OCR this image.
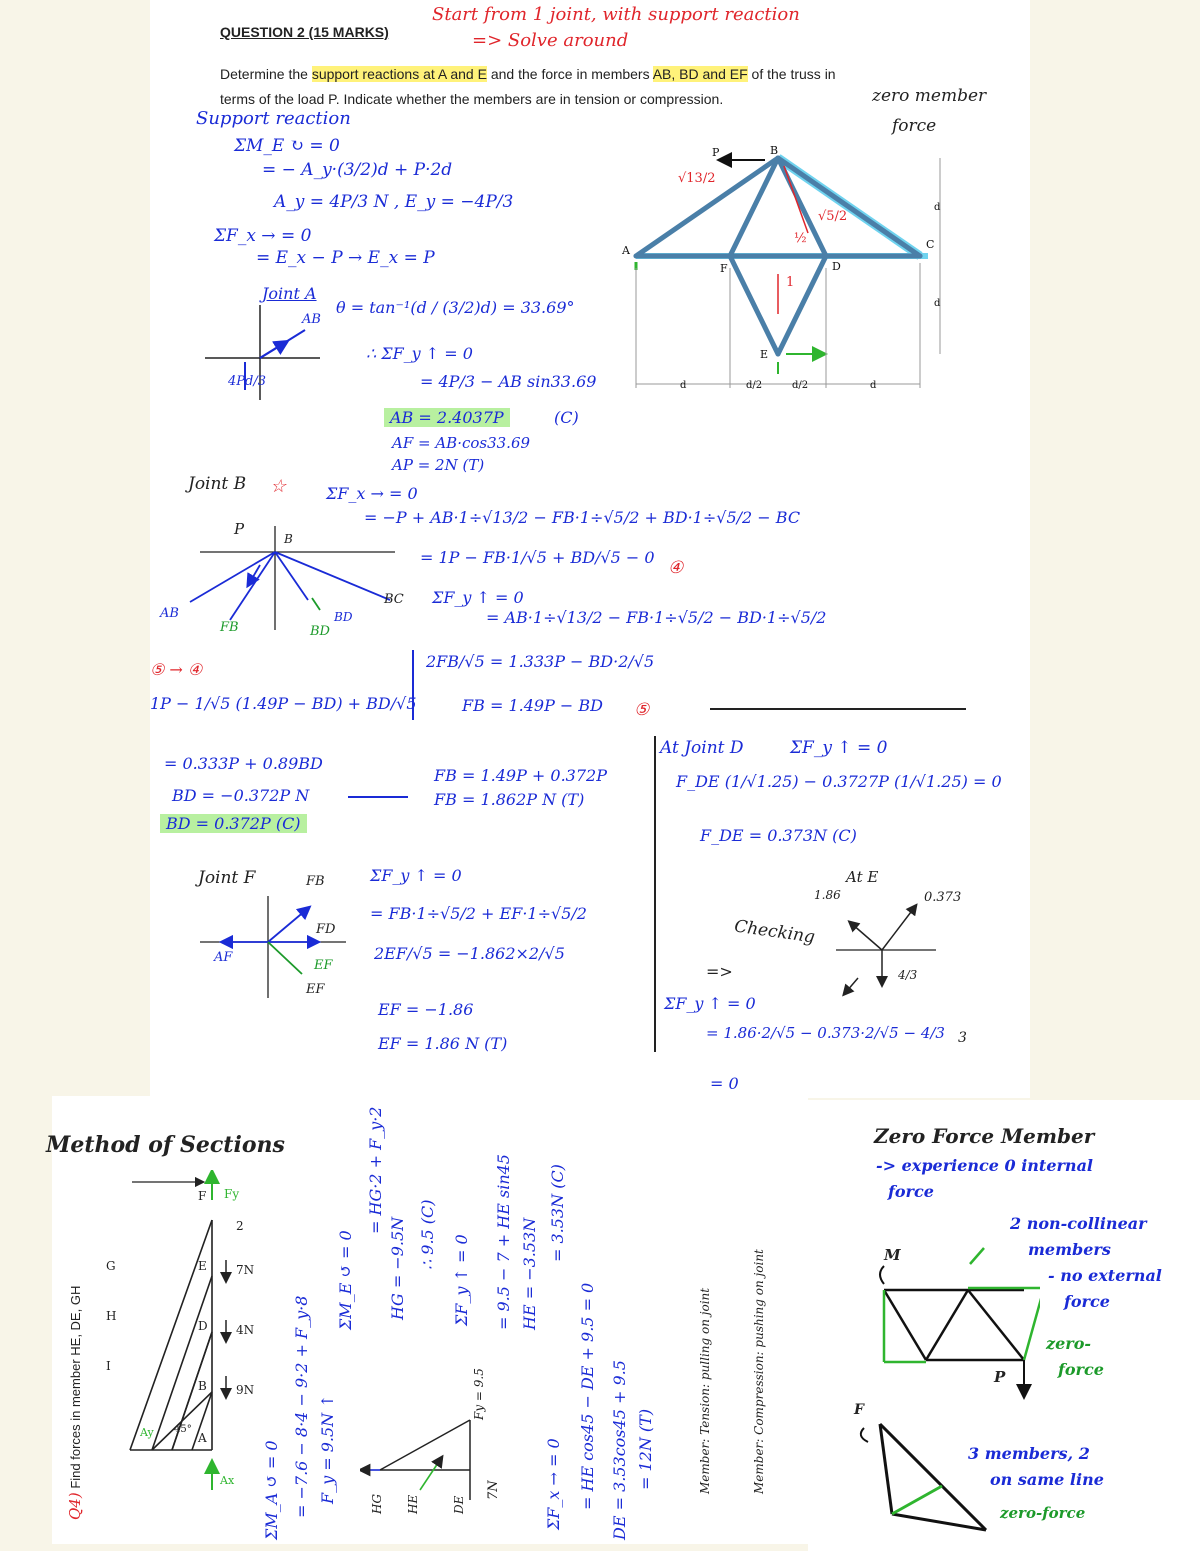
QUESTION 2 (15 MARKS)
Start from 1 joint, with support reaction
=> Solve around
Determine the support reactions at A and E and the force in members AB, BD and EF of the truss in
terms of the load P. Indicate whether the members are in tension or compression.	zero member
force
Support reaction
ΣM_E ↻ = 0
= − A_y·(3/2)d + P·2d
A_y = 4P/3 N , E_y = −4P/3
ΣF_x → = 0
= E_x − P → E_x = P
Joint A
AB
4Pd/3
θ = tan⁻¹(d / (3/2)d) = 33.69°
∴ ΣF_y ↑ = 0
= 4P/3 − AB sin33.69
AB = 2.4037P	(C)
AF = AB·cos33.69
AP = 2N (T)
P	B
A	C
F	D
E
d	d/2	d/2	d
d
d
√13/2
√5/2
1
½
Joint B ☆
P
B
AB
FB
BD
BD
BC
ΣF_x → = 0
= −P + AB·1÷√13/2 − FB·1÷√5/2 + BD·1÷√5/2 − BC
= 1P − FB·1/√5 + BD/√5 − 0
④
ΣF_y ↑ = 0
= AB·1÷√13/2 − FB·1÷√5/2 − BD·1÷√5/2
2FB/√5 = 1.333P − BD·2/√5
FB = 1.49P − BD ⑤
⑤ → ④
1P − 1/√5 (1.49P − BD) + BD/√5
= 0.333P + 0.89BD
BD = −0.372P N
BD = 0.372P (C)
FB = 1.49P + 0.372P
FB = 1.862P N (T)
At Joint D	ΣF_y ↑ = 0
F_DE (1/√1.25) − 0.3727P (1/√1.25) = 0
F_DE = 0.373N (C)
Joint F	FB
FD
AF
EF
EF
ΣF_y ↑ = 0
= FB·1÷√5/2 + EF·1÷√5/2
2EF/√5 = −1.862×2/√5
EF = −1.86
EF = 1.86 N (T)
At E
1.86	0.373
4/3
Checking
=>
ΣF_y ↑ = 0
= 1.86·2/√5 − 0.373·2/√5 − 4/3 3
= 0
Method of Sections
Q4) Find forces in member HE, DE, GH
Fy
G
H
I
E
D
B
A
F
7N
4N
9N
2
Ax
Ay 45°
ΣM_A ↺ = 0 = −7.6 − 8·4 − 9·2 + F_y·8 F_y = 9.5N ↑
ΣM_E ↺ = 0
= HG·2 + F_y·2
HG = −9.5N ∴ 9.5 (C)
HG HE	DE
Fy = 9.5
7N
ΣF_y ↑ = 0 = 9.5 − 7 + HE sin45 HE = −3.53N
= 3.53N (C)
ΣF_x → = 0 = HE cos45 − DE + 9.5 = 0 DE = 3.53cos45 + 9.5 = 12N (T)	Member: Tension: pulling on joint	Member: Compression: pushing on joint
Zero Force Member
-> experience 0 internal
force
2 non-collinear
members
- no external
force
zero-
force
M
P
F
3 members, 2
on same line
zero-force
